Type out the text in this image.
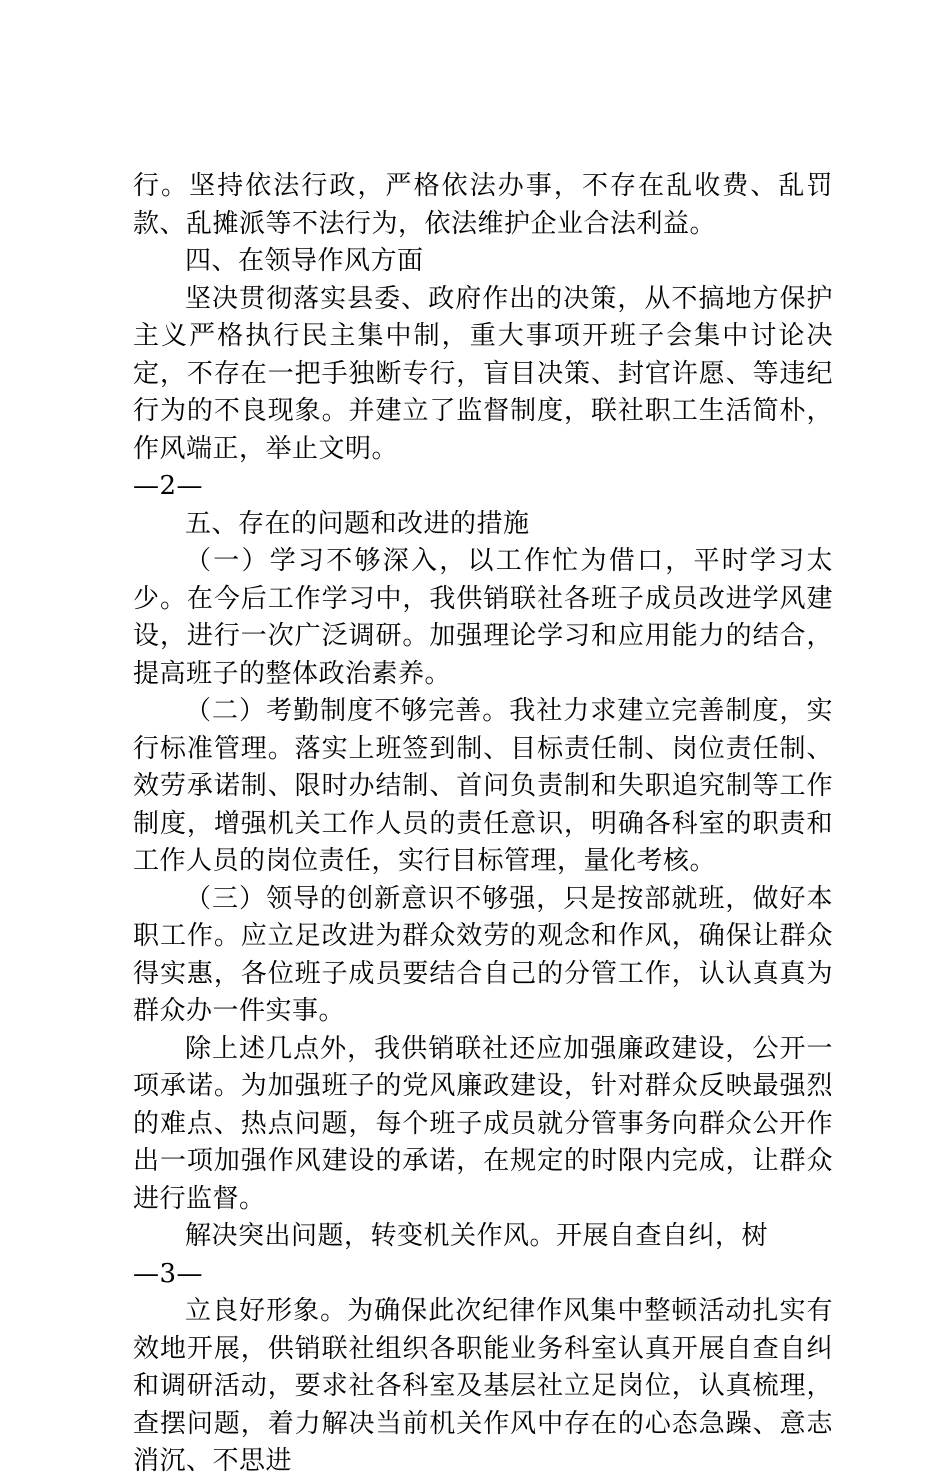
行。坚持依法行政，严格依法办事，不存在乱收费、乱罚款、乱摊派等不法行为，依法维护企业合法利益。

四、在领导作风方面

坚决贯彻落实县委、政府作出的决策，从不搞地方保护主义严格执行民主集中制，重大事项开班子会集中讨论决定，不存在一把手独断专行，盲目决策、封官许愿、等违纪行为的不良现象。并建立了监督制度，联社职工生活简朴，作风端正，举止文明。

—2—

五、存在的问题和改进的措施

（一）学习不够深入，以工作忙为借口，平时学习太少。在今后工作学习中，我供销联社各班子成员改进学风建设，进行一次广泛调研。加强理论学习和应用能力的结合，提高班子的整体政治素养。

（二）考勤制度不够完善。我社力求建立完善制度，实行标准管理。落实上班签到制、目标责任制、岗位责任制、效劳承诺制、限时办结制、首问负责制和失职追究制等工作制度，增强机关工作人员的责任意识，明确各科室的职责和工作人员的岗位责任，实行目标管理，量化考核。

（三）领导的创新意识不够强，只是按部就班，做好本职工作。应立足改进为群众效劳的观念和作风，确保让群众得实惠，各位班子成员要结合自己的分管工作，认认真真为群众办一件实事。

除上述几点外，我供销联社还应加强廉政建设，公开一项承诺。为加强班子的党风廉政建设，针对群众反映最强烈的难点、热点问题，每个班子成员就分管事务向群众公开作出一项加强作风建设的承诺，在规定的时限内完成，让群众进行监督。

解决突出问题，转变机关作风。开展自查自纠，树

—3—

立良好形象。为确保此次纪律作风集中整顿活动扎实有效地开展，供销联社组织各职能业务科室认真开展自查自纠和调研活动，要求社各科室及基层社立足岗位，认真梳理，查摆问题，着力解决当前机关作风中存在的心态急躁、意志消沉、不思进
